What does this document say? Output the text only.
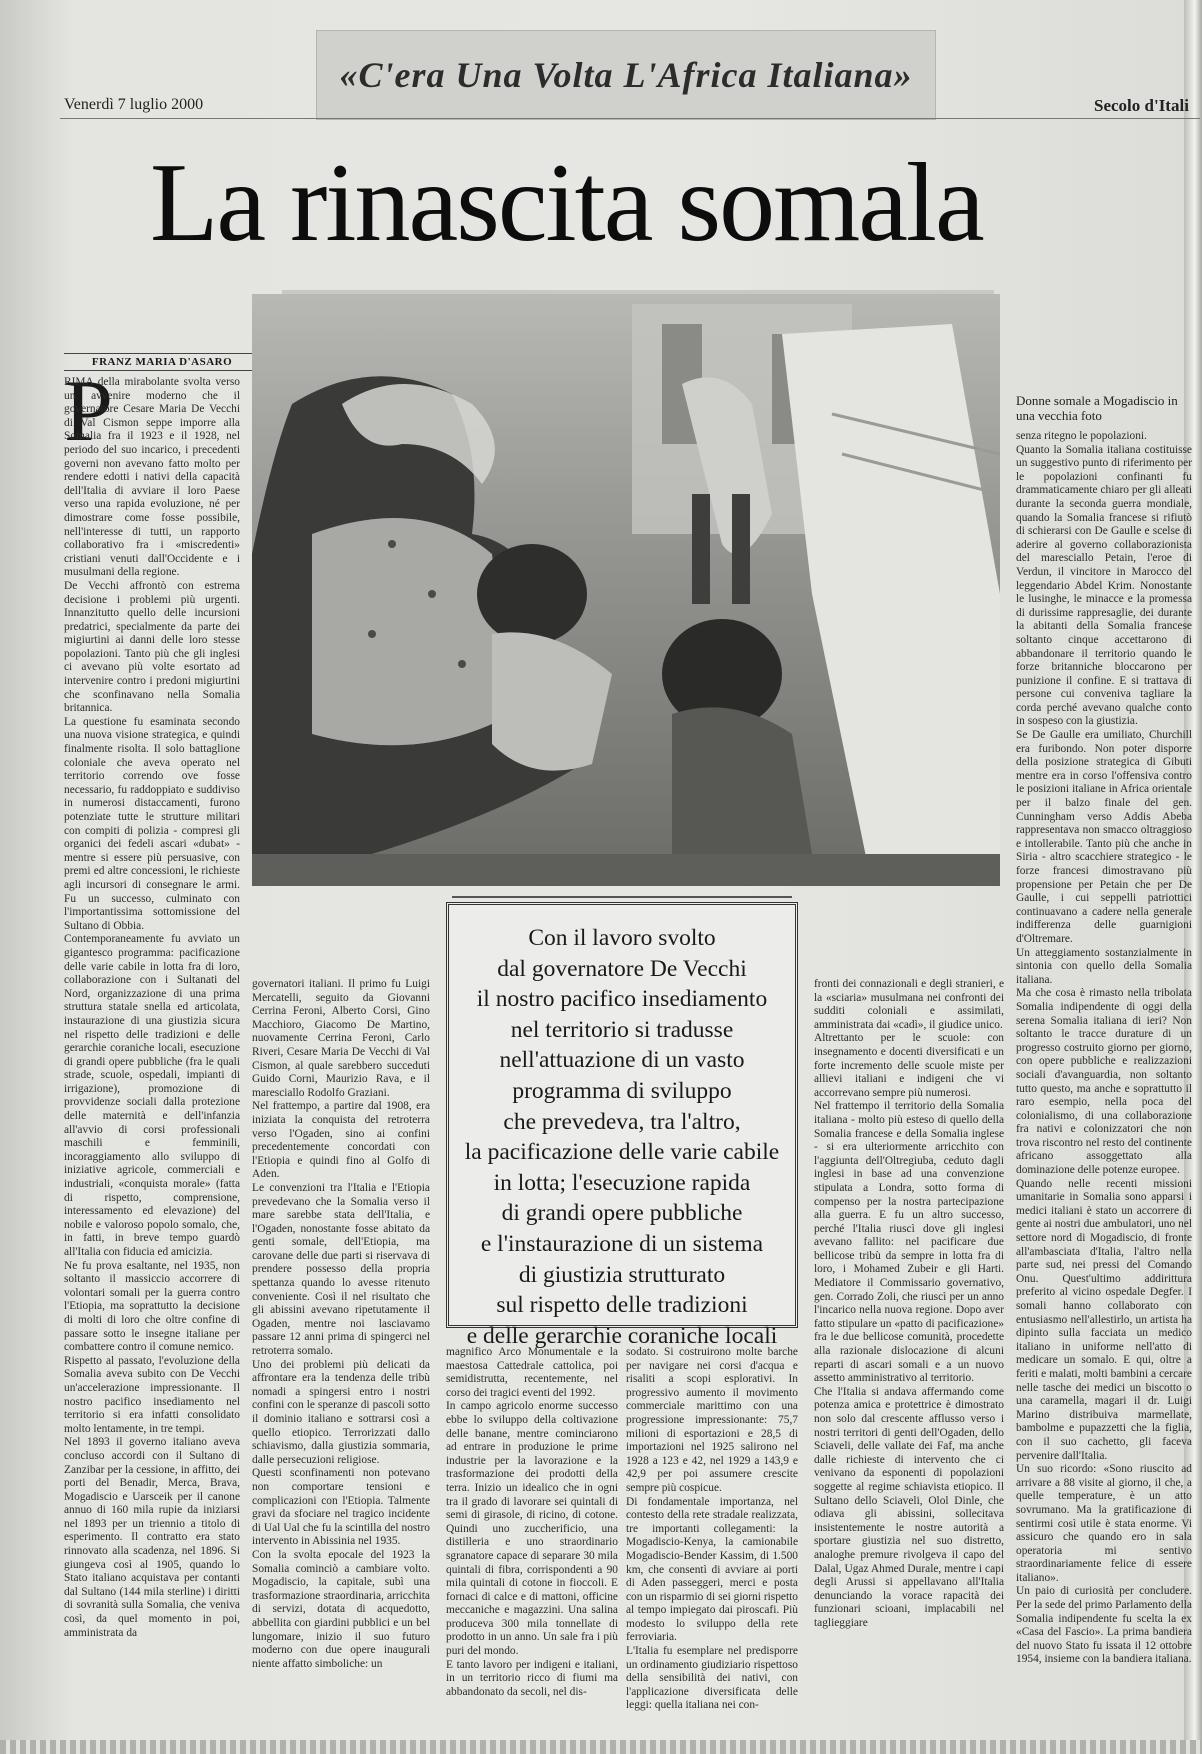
«C'era Una Volta L'Africa Italiana»
Venerdì 7 luglio 2000	Secolo d'Itali
La rinascita somala
FRANZ MARIA D'ASARO
P
RIMA della mirabolante svolta verso un avvenire moderno che il governatore Cesare Maria De Vecchi di Val Cismon seppe imporre alla Somalia fra il 1923 e il 1928, nel periodo del suo incarico, i precedenti governi non avevano fatto molto per rendere edotti i nativi della capacità dell'Italia di avviare il loro Paese verso una rapida evoluzione, né per dimostrare come fosse possibile, nell'interesse di tutti, un rapporto collaborativo fra i «miscredenti» cristiani venuti dall'Occidente e i musulmani della regione.
De Vecchi affrontò con estrema decisione i problemi più urgenti. Innanzitutto quello delle incursioni predatrici, specialmente da parte dei migiurtini ai danni delle loro stesse popolazioni. Tanto più che gli inglesi ci avevano più volte esortato ad intervenire contro i predoni migiurtini che sconfinavano nella Somalia britannica.
La questione fu esaminata secondo una nuova visione strategica, e quindi finalmente risolta. Il solo battaglione coloniale che aveva operato nel territorio correndo ove fosse necessario, fu raddoppiato e suddiviso in numerosi distaccamenti, furono potenziate tutte le strutture militari con compiti di polizia - compresi gli organici dei fedeli ascari «dubat» - mentre si essere più persuasive, con premi ed altre concessioni, le richieste agli incursori di consegnare le armi. Fu un successo, culminato con l'importantissima sottomissione del Sultano di Obbia.
Contemporaneamente fu avviato un gigantesco programma: pacificazione delle varie cabile in lotta fra di loro, collaborazione con i Sultanati del Nord, organizzazione di una prima struttura statale snella ed articolata, instaurazione di una giustizia sicura nel rispetto delle tradizioni e delle gerarchie coraniche locali, esecuzione di grandi opere pubbliche (fra le quali strade, scuole, ospedali, impianti di irrigazione), promozione di provvidenze sociali dalla protezione delle maternità e dell'infanzia all'avvio di corsi professionali maschili e femminili, incoraggiamento allo sviluppo di iniziative agricole, commerciali e industriali, «conquista morale» (fatta di rispetto, comprensione, interessamento ed elevazione) del nobile e valoroso popolo somalo, che, in fatti, in breve tempo guardò all'Italia con fiducia ed amicizia.
Ne fu prova esaltante, nel 1935, non soltanto il massiccio accorrere di volontari somali per la guerra contro l'Etiopia, ma soprattutto la decisione di molti di loro che oltre confine di passare sotto le insegne italiane per combattere contro il comune nemico.
Rispetto al passato, l'evoluzione della Somalia aveva subito con De Vecchi un'accelerazione impressionante. Il nostro pacifico insediamento nel territorio si era infatti consolidato molto lentamente, in tre tempi.
Nel 1893 il governo italiano aveva concluso accordi con il Sultano di Zanzibar per la cessione, in affitto, dei porti del Benadir, Merca, Brava, Mogadiscio e Uarsceik per il canone annuo di 160 mila rupie da iniziarsi nel 1893 per un triennio a titolo di esperimento. Il contratto era stato rinnovato alla scadenza, nel 1896. Si giungeva così al 1905, quando lo Stato italiano acquistava per contanti dal Sultano (144 mila sterline) i diritti di sovranità sulla Somalia, che veniva così, da quel momento in poi, amministrata da
Donne somale a Mogadiscio in una vecchia foto
senza ritegno le popolazioni.
Quanto la Somalia italiana costituisse un suggestivo punto di riferimento per le popolazioni confinanti fu drammaticamente chiaro per gli alleati durante la seconda guerra mondiale, quando la Somalia francese si rifiutò di schierarsi con De Gaulle e scelse di aderire al governo collaborazionista del maresciallo Petain, l'eroe di Verdun, il vincitore in Marocco del leggendario Abdel Krim. Nonostante le lusinghe, le minacce e la promessa di durissime rappresaglie, dei durante la abitanti della Somalia francese soltanto cinque accettarono di abbandonare il territorio quando le forze britanniche bloccarono per punizione il confine. E si trattava di persone cui conveniva tagliare la corda perché avevano qualche conto in sospeso con la giustizia.
Se De Gaulle era umiliato, Churchill era furibondo. Non poter disporre della posizione strategica di Gibuti mentre era in corso l'offensiva contro le posizioni italiane in Africa orientale per il balzo finale del gen. Cunningham verso Addis Abeba rappresentava non smacco oltraggioso e intollerabile. Tanto più che anche in Siria - altro scacchiere strategico - le forze francesi dimostravano più propensione per Petain che per De Gaulle, i cui seppelli patriottici continuavano a cadere nella generale indifferenza delle guarnigioni d'Oltremare.
Un atteggiamento sostanzialmente in sintonia con quello della Somalia italiana.
Ma che cosa è rimasto nella tribolata Somalia indipendente di oggi della serena Somalia italiana di ieri? Non soltanto le tracce durature di un progresso costruito giorno per giorno, con opere pubbliche e realizzazioni sociali d'avanguardia, non soltanto tutto questo, ma anche e soprattutto il raro esempio, nella poca del colonialismo, di una collaborazione fra nativi e colonizzatori che non trova riscontro nel resto del continente africano assoggettato alla dominazione delle potenze europee.
Quando nelle recenti missioni umanitarie in Somalia sono apparsi i medici italiani è stato un accorrere di gente ai nostri due ambulatori, uno nel settore nord di Mogadiscio, di fronte all'ambasciata d'Italia, l'altro nella parte sud, nei pressi del Comando Onu. Quest'ultimo addirittura preferito al vicino ospedale Degfer. I somali hanno collaborato con entusiasmo nell'allestirlo, un artista ha dipinto sulla facciata un medico italiano in uniforme nell'atto di medicare un somalo. E qui, oltre a feriti e malati, molti bambini a cercare nelle tasche dei medici un biscotto o una caramella, magari il dr. Luigi Marino distribuiva marmellate, bambolme e pupazzetti che la figlia, con il suo cachetto, gli faceva pervenire dall'Italia.
Un suo ricordo: «Sono riuscito ad arrivare a 88 visite al giorno, il che, a quelle temperature, è un atto sovrumano. Ma la gratificazione di sentirmi così utile è stata enorme. Vi assicuro che quando ero in sala operatoria mi sentivo straordinariamente felice di essere italiano».
Un paio di curiosità per concludere. Per la sede del primo Parlamento della Somalia indipendente fu scelta la ex «Casa del Fascio». La prima bandiera del nuovo Stato fu issata il 12 ottobre 1954, insieme con la bandiera italiana.
governatori italiani. Il primo fu Luigi Mercatelli, seguito da Giovanni Cerrina Feroni, Alberto Corsi, Gino Macchioro, Giacomo De Martino, nuovamente Cerrina Feroni, Carlo Riveri, Cesare Maria De Vecchi di Val Cismon, al quale sarebbero succeduti Guido Corni, Maurizio Rava, e il maresciallo Rodolfo Graziani.
Nel frattempo, a partire dal 1908, era iniziata la conquista del retroterra verso l'Ogaden, sino ai confini precedentemente concordati con l'Etiopia e quindi fino al Golfo di Aden.
Le convenzioni tra l'Italia e l'Etiopia prevedevano che la Somalia verso il mare sarebbe stata dell'Italia, e l'Ogaden, nonostante fosse abitato da genti somale, dell'Etiopia, ma carovane delle due parti si riservava di prendere possesso della propria spettanza quando lo avesse ritenuto conveniente. Così il nel risultato che gli abissini avevano ripetutamente il Ogaden, mentre noi lasciavamo passare 12 anni prima di spingerci nel retroterra somalo.
Uno dei problemi più delicati da affrontare era la tendenza delle tribù nomadi a spingersi entro i nostri confini con le speranze di pascoli sotto il dominio italiano e sottrarsi così a quello etiopico. Terrorizzati dallo schiavismo, dalla giustizia sommaria, dalle persecuzioni religiose.
Questi sconfinamenti non potevano non comportare tensioni e complicazioni con l'Etiopia. Talmente gravi da sfociare nel tragico incidente di Ual Ual che fu la scintilla del nostro intervento in Abissinia nel 1935.
Con la svolta epocale del 1923 la Somalia cominciò a cambiare volto. Mogadiscio, la capitale, subì una trasformazione straordinaria, arricchita di servizi, dotata di acquedotto, abbellita con giardini pubblici e un bel lungomare, inizio il suo futuro moderno con due opere inaugurali niente affatto simboliche: un
Con il lavoro svolto
dal governatore De Vecchi
il nostro pacifico insediamento
nel territorio si tradusse
nell'attuazione di un vasto
programma di sviluppo
che prevedeva, tra l'altro,
la pacificazione delle varie cabile
in lotta; l'esecuzione rapida
di grandi opere pubbliche
e l'instaurazione di un sistema
di giustizia strutturato
sul rispetto delle tradizioni
e delle gerarchie coraniche locali
magnifico Arco Monumentale e la maestosa Cattedrale cattolica, poi semidistrutta, recentemente, nel corso dei tragici eventi del 1992.
In campo agricolo enorme successo ebbe lo sviluppo della coltivazione delle banane, mentre cominciarono ad entrare in produzione le prime industrie per la lavorazione e la trasformazione dei prodotti della terra. Inizio un idealico che in ogni tra il grado di lavorare sei quintali di semi di girasole, di ricino, di cotone. Quindi uno zuccherificio, una distilleria e uno straordinario sgranatore capace di separare 30 mila quintali di fibra, corrispondenti a 90 mila quintali di cotone in fioccoli. E fornaci di calce e di mattoni, officine meccaniche e magazzini. Una salina produceva 300 mila tonnellate di prodotto in un anno. Un sale fra i più puri del mondo.
E tanto lavoro per indigeni e italiani, in un territorio ricco di fiumi ma abbandonato da secoli, nel dis-
sodato. Si costruirono molte barche per navigare nei corsi d'acqua e risaliti a scopi esplorativi. In progressivo aumento il movimento commerciale marittimo con una progressione impressionante: 75,7 milioni di esportazioni e 28,5 di importazioni nel 1925 salirono nel 1928 a 123 e 42, nel 1929 a 143,9 e 42,9 per poi assumere crescite sempre più cospicue.
Di fondamentale importanza, nel contesto della rete stradale realizzata, tre importanti collegamenti: la Mogadiscio-Kenya, la camionabile Mogadiscio-Bender Kassim, di 1.500 km, che consentì di avviare ai porti di Aden passeggeri, merci e posta con un risparmio di sei giorni rispetto al tempo impiegato dai piroscafi. Più modesto lo sviluppo della rete ferroviaria.
L'Italia fu esemplare nel predisporre un ordinamento giudiziario rispettoso della sensibilità dei nativi, con l'applicazione diversificata delle leggi: quella italiana nei con-
fronti dei connazionali e degli stranieri, e la «sciaria» musulmana nei confronti dei sudditi coloniali e assimilati, amministrata dai «cadì», il giudice unico.
Altrettanto per le scuole: con insegnamento e docenti diversificati e un forte incremento delle scuole miste per allievi italiani e indigeni che vi accorrevano sempre più numerosi.
Nel frattempo il territorio della Somalia italiana - molto più esteso di quello della Somalia francese e della Somalia inglese - si era ulteriormente arricchito con l'aggiunta dell'Oltregiuba, ceduto dagli inglesi in base ad una convenzione stipulata a Londra, sotto forma di compenso per la nostra partecipazione alla guerra. E fu un altro successo, perché l'Italia riuscì dove gli inglesi avevano fallito: nel pacificare due bellicose tribù da sempre in lotta fra di loro, i Mohamed Zubeir e gli Harti. Mediatore il Commissario governativo, gen. Corrado Zoli, che riuscì per un anno l'incarico nella nuova regione. Dopo aver fatto stipulare un «patto di pacificazione» fra le due bellicose comunità, procedette alla razionale dislocazione di alcuni reparti di ascari somali e a un nuovo assetto amministrativo al territorio.
Che l'Italia si andava affermando come potenza amica e protettrice è dimostrato non solo dal crescente afflusso verso i nostri territori di genti dell'Ogaden, dello Sciaveli, delle vallate dei Faf, ma anche dalle richieste di intervento che ci venivano da esponenti di popolazioni soggette al regime schiavista etiopico. Il Sultano dello Sciaveli, Olol Dinle, che odiava gli abissini, sollecitava insistentemente le nostre autorità a sportare giustizia nel suo distretto, analoghe premure rivolgeva il capo del Dalal, Ugaz Ahmed Durale, mentre i capi degli Arussi si appellavano all'Italia denunciando la vorace rapacità dei funzionari scioani, implacabili nel taglieggiare
